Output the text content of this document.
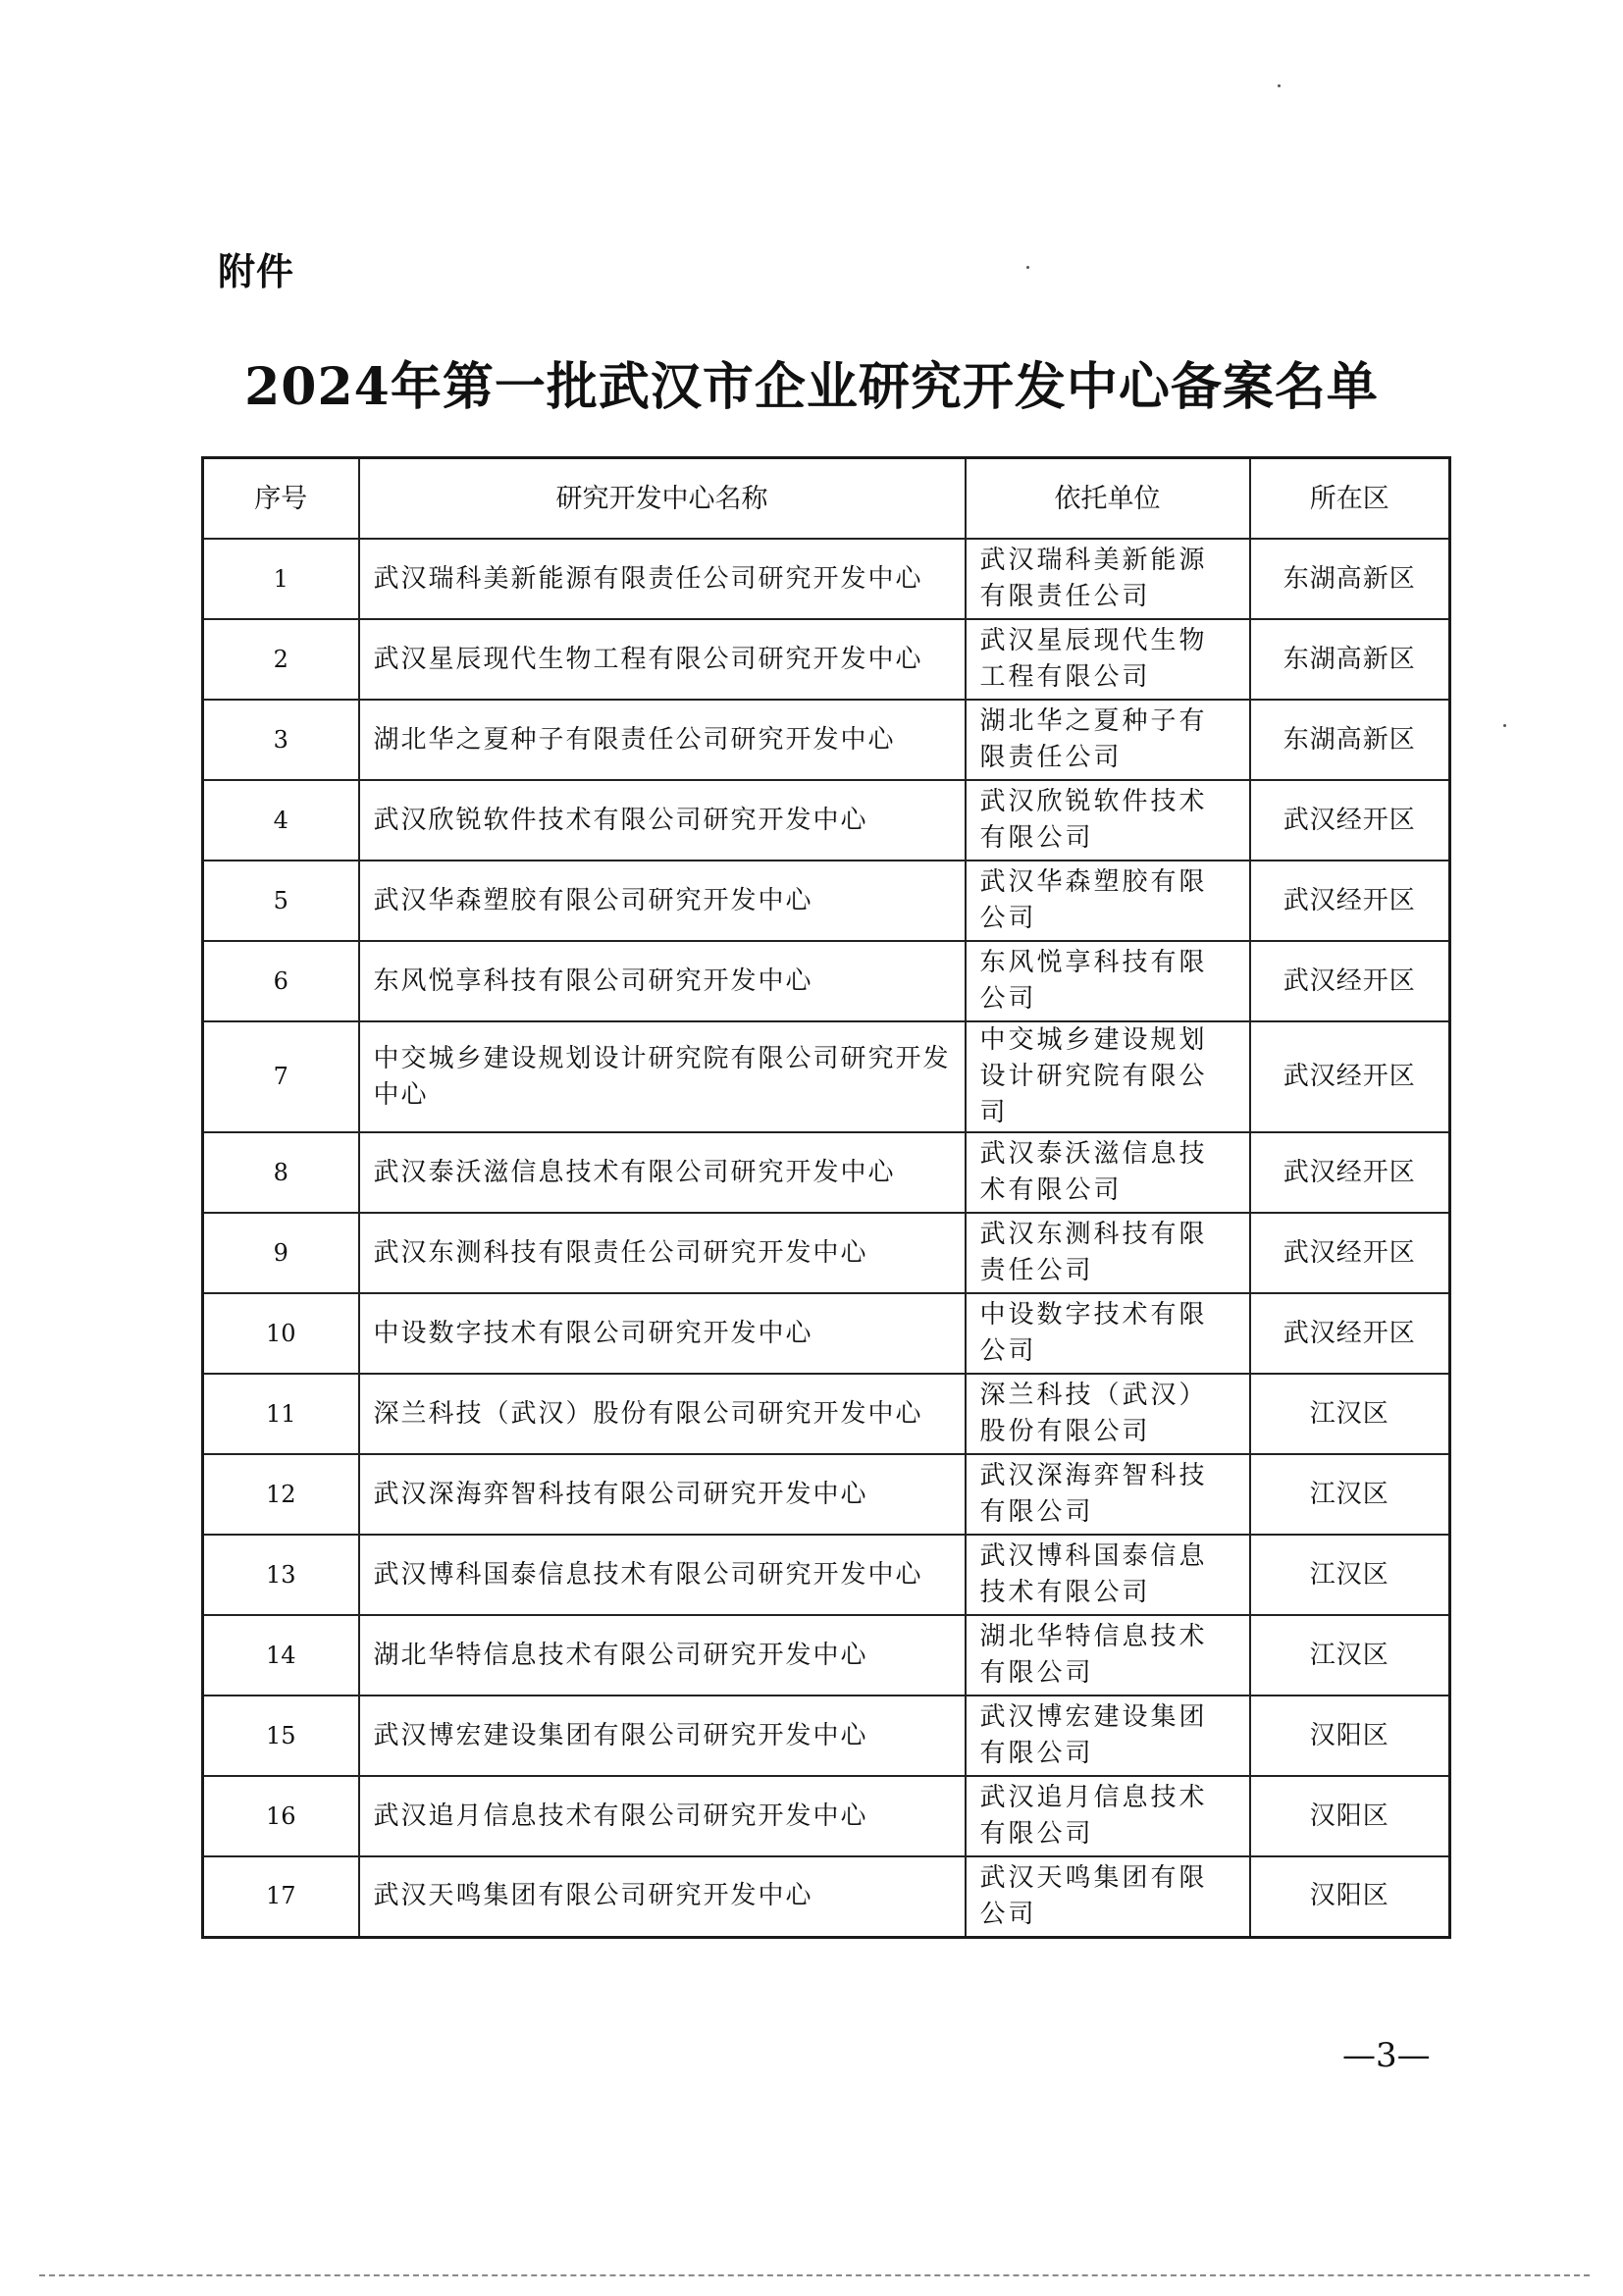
附件
2024年第一批武汉市企业研究开发中心备案名单
序号	研究开发中心名称	依托单位	所在区
1	武汉瑞科美新能源有限责任公司研究开发中心	武汉瑞科美新能源有限责任公司	东湖高新区
2	武汉星辰现代生物工程有限公司研究开发中心	武汉星辰现代生物工程有限公司	东湖高新区
3	湖北华之夏种子有限责任公司研究开发中心	湖北华之夏种子有限责任公司	东湖高新区
4	武汉欣锐软件技术有限公司研究开发中心	武汉欣锐软件技术有限公司	武汉经开区
5	武汉华森塑胶有限公司研究开发中心	武汉华森塑胶有限公司	武汉经开区
6	东风悦享科技有限公司研究开发中心	东风悦享科技有限公司	武汉经开区
7	中交城乡建设规划设计研究院有限公司研究开发中心	中交城乡建设规划设计研究院有限公司	武汉经开区
8	武汉泰沃滋信息技术有限公司研究开发中心	武汉泰沃滋信息技术有限公司	武汉经开区
9	武汉东测科技有限责任公司研究开发中心	武汉东测科技有限责任公司	武汉经开区
10	中设数字技术有限公司研究开发中心	中设数字技术有限公司	武汉经开区
11	深兰科技（武汉）股份有限公司研究开发中心	深兰科技（武汉）股份有限公司	江汉区
12	武汉深海弈智科技有限公司研究开发中心	武汉深海弈智科技有限公司	江汉区
13	武汉博科国泰信息技术有限公司研究开发中心	武汉博科国泰信息技术有限公司	江汉区
14	湖北华特信息技术有限公司研究开发中心	湖北华特信息技术有限公司	江汉区
15	武汉博宏建设集团有限公司研究开发中心	武汉博宏建设集团有限公司	汉阳区
16	武汉追月信息技术有限公司研究开发中心	武汉追月信息技术有限公司	汉阳区
17	武汉天鸣集团有限公司研究开发中心	武汉天鸣集团有限公司	汉阳区
—3—
